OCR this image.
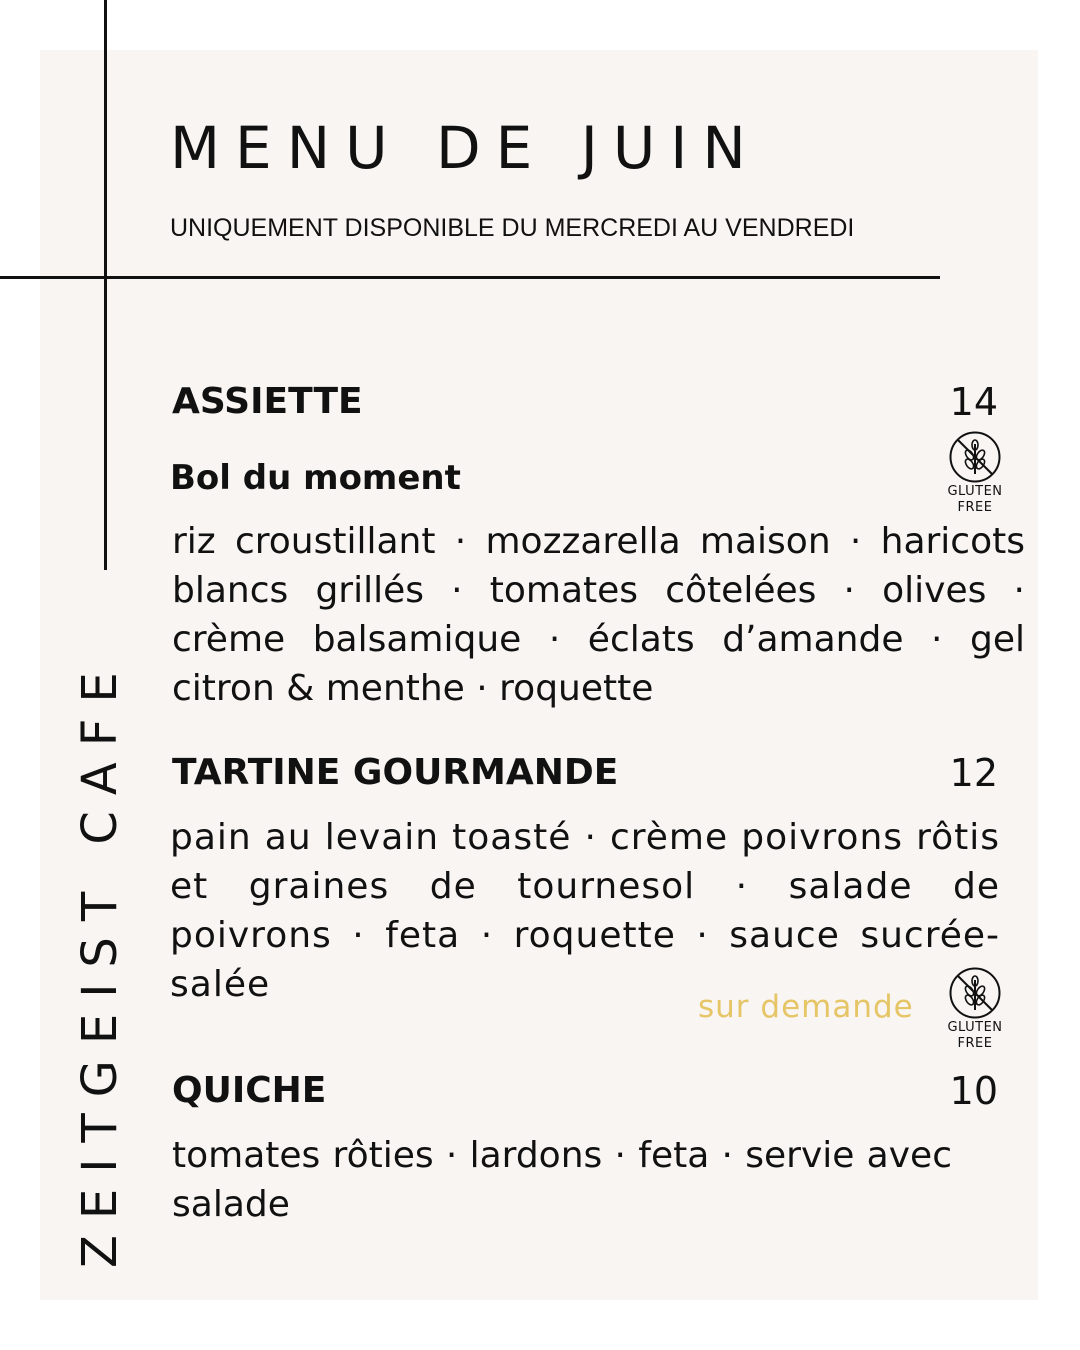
MENU DE JUIN

UNIQUEMENT DISPONIBLE DU MERCREDI AU VENDREDI

ZEITGEIST CAFE
ASSIETTE	14
Bol du moment	GLUTEN
FREE

riz croustillant · mozzarella maison · haricots blancs grillés · tomates côtelées · olives · crème balsamique · éclats d’amande · gel citron & menthe · roquette

TARTINE GOURMANDE	12

pain au levain toasté · crème poivrons rôtis et graines de tournesol · salade de poivrons · feta · roquette · sauce sucrée-salée

sur demande
GLUTEN
FREE
QUICHE	10

tomates rôties · lardons · feta · servie avec salade
